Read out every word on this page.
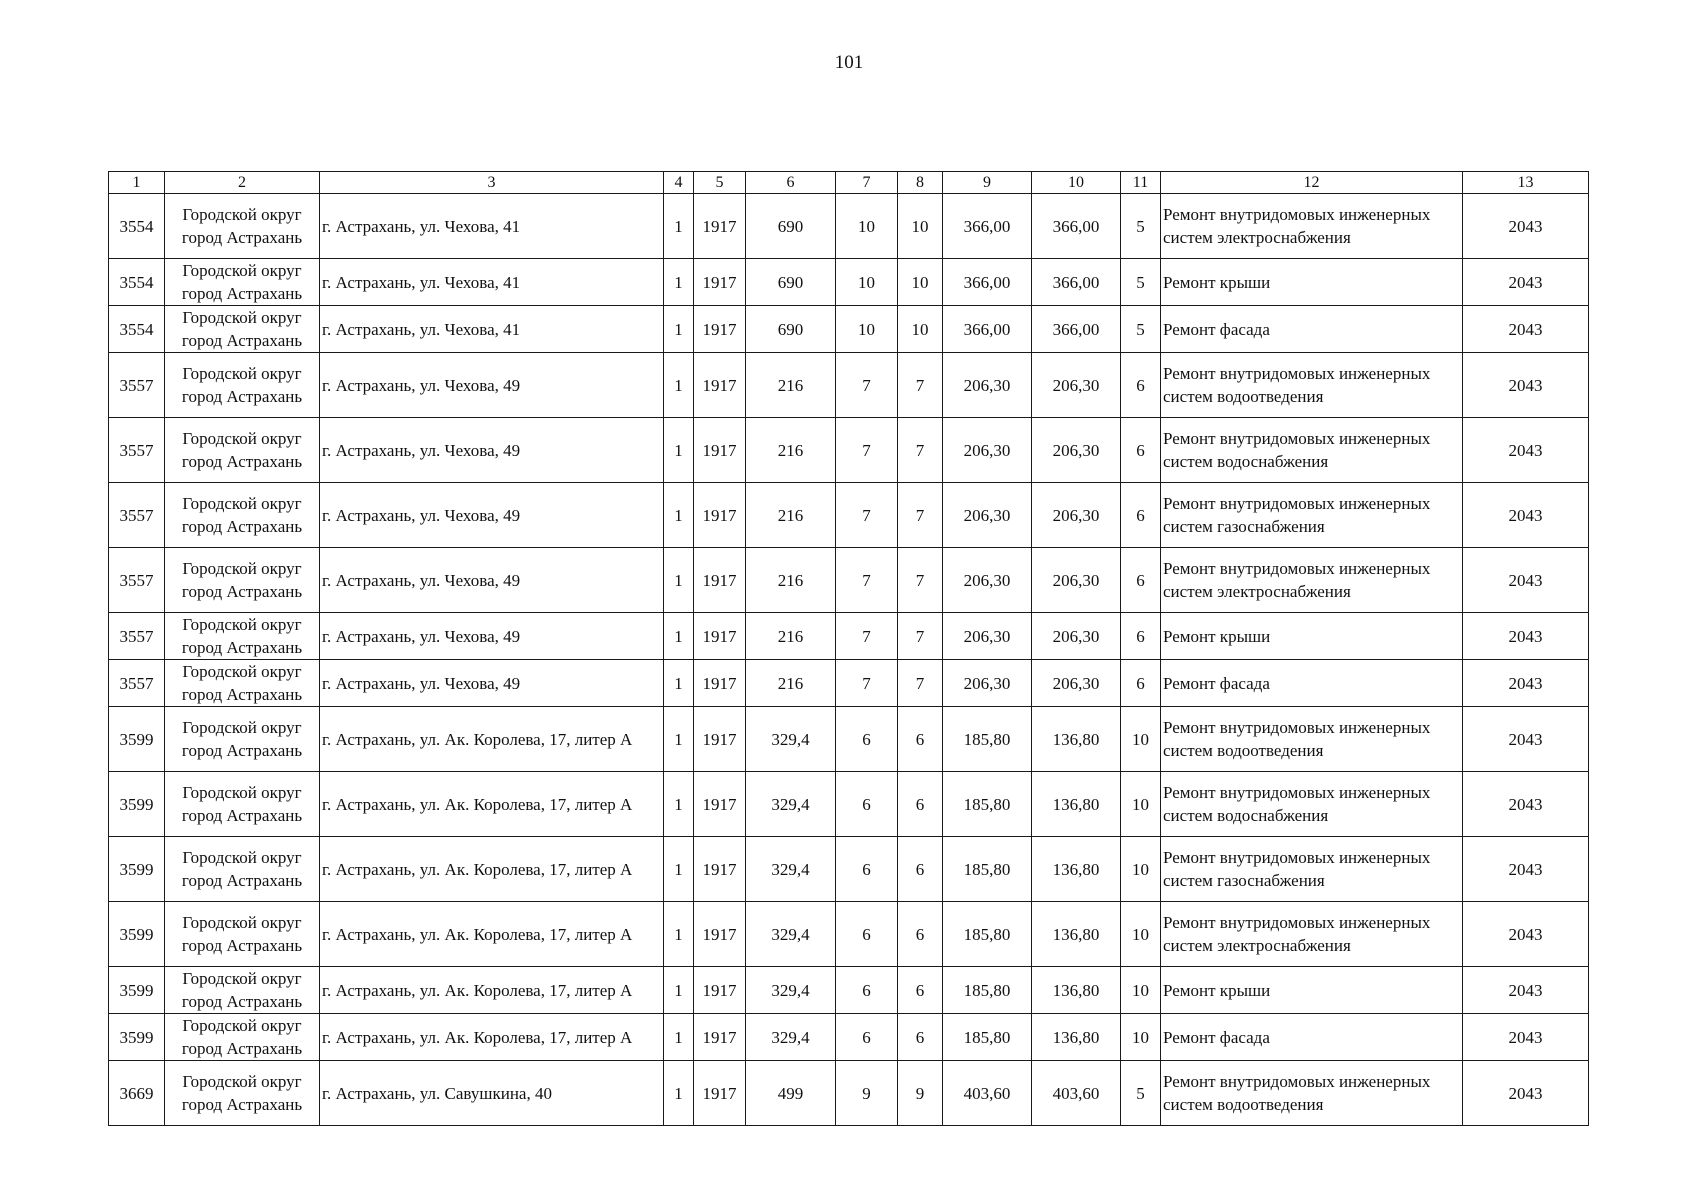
101
1	2	3	4	5	6	7	8	9	10	11	12	13
3554	Городской округ город Астрахань	г. Астрахань, ул. Чехова, 41	1	1917	690	10	10	366,00	366,00	5	Ремонт внутридомовых инженерных систем электроснабжения	2043
3554	Городской округ город Астрахань	г. Астрахань, ул. Чехова, 41	1	1917	690	10	10	366,00	366,00	5	Ремонт крыши	2043
3554	Городской округ город Астрахань	г. Астрахань, ул. Чехова, 41	1	1917	690	10	10	366,00	366,00	5	Ремонт фасада	2043
3557	Городской округ город Астрахань	г. Астрахань, ул. Чехова, 49	1	1917	216	7	7	206,30	206,30	6	Ремонт внутридомовых инженерных систем водоотведения	2043
3557	Городской округ город Астрахань	г. Астрахань, ул. Чехова, 49	1	1917	216	7	7	206,30	206,30	6	Ремонт внутридомовых инженерных систем водоснабжения	2043
3557	Городской округ город Астрахань	г. Астрахань, ул. Чехова, 49	1	1917	216	7	7	206,30	206,30	6	Ремонт внутридомовых инженерных систем газоснабжения	2043
3557	Городской округ город Астрахань	г. Астрахань, ул. Чехова, 49	1	1917	216	7	7	206,30	206,30	6	Ремонт внутридомовых инженерных систем электроснабжения	2043
3557	Городской округ город Астрахань	г. Астрахань, ул. Чехова, 49	1	1917	216	7	7	206,30	206,30	6	Ремонт крыши	2043
3557	Городской округ город Астрахань	г. Астрахань, ул. Чехова, 49	1	1917	216	7	7	206,30	206,30	6	Ремонт фасада	2043
3599	Городской округ город Астрахань	г. Астрахань, ул. Ак. Королева, 17, литер А	1	1917	329,4	6	6	185,80	136,80	10	Ремонт внутридомовых инженерных систем водоотведения	2043
3599	Городской округ город Астрахань	г. Астрахань, ул. Ак. Королева, 17, литер А	1	1917	329,4	6	6	185,80	136,80	10	Ремонт внутридомовых инженерных систем водоснабжения	2043
3599	Городской округ город Астрахань	г. Астрахань, ул. Ак. Королева, 17, литер А	1	1917	329,4	6	6	185,80	136,80	10	Ремонт внутридомовых инженерных систем газоснабжения	2043
3599	Городской округ город Астрахань	г. Астрахань, ул. Ак. Королева, 17, литер А	1	1917	329,4	6	6	185,80	136,80	10	Ремонт внутридомовых инженерных систем электроснабжения	2043
3599	Городской округ город Астрахань	г. Астрахань, ул. Ак. Королева, 17, литер А	1	1917	329,4	6	6	185,80	136,80	10	Ремонт крыши	2043
3599	Городской округ город Астрахань	г. Астрахань, ул. Ак. Королева, 17, литер А	1	1917	329,4	6	6	185,80	136,80	10	Ремонт фасада	2043
3669	Городской округ город Астрахань	г. Астрахань, ул. Савушкина, 40	1	1917	499	9	9	403,60	403,60	5	Ремонт внутридомовых инженерных систем водоотведения	2043
